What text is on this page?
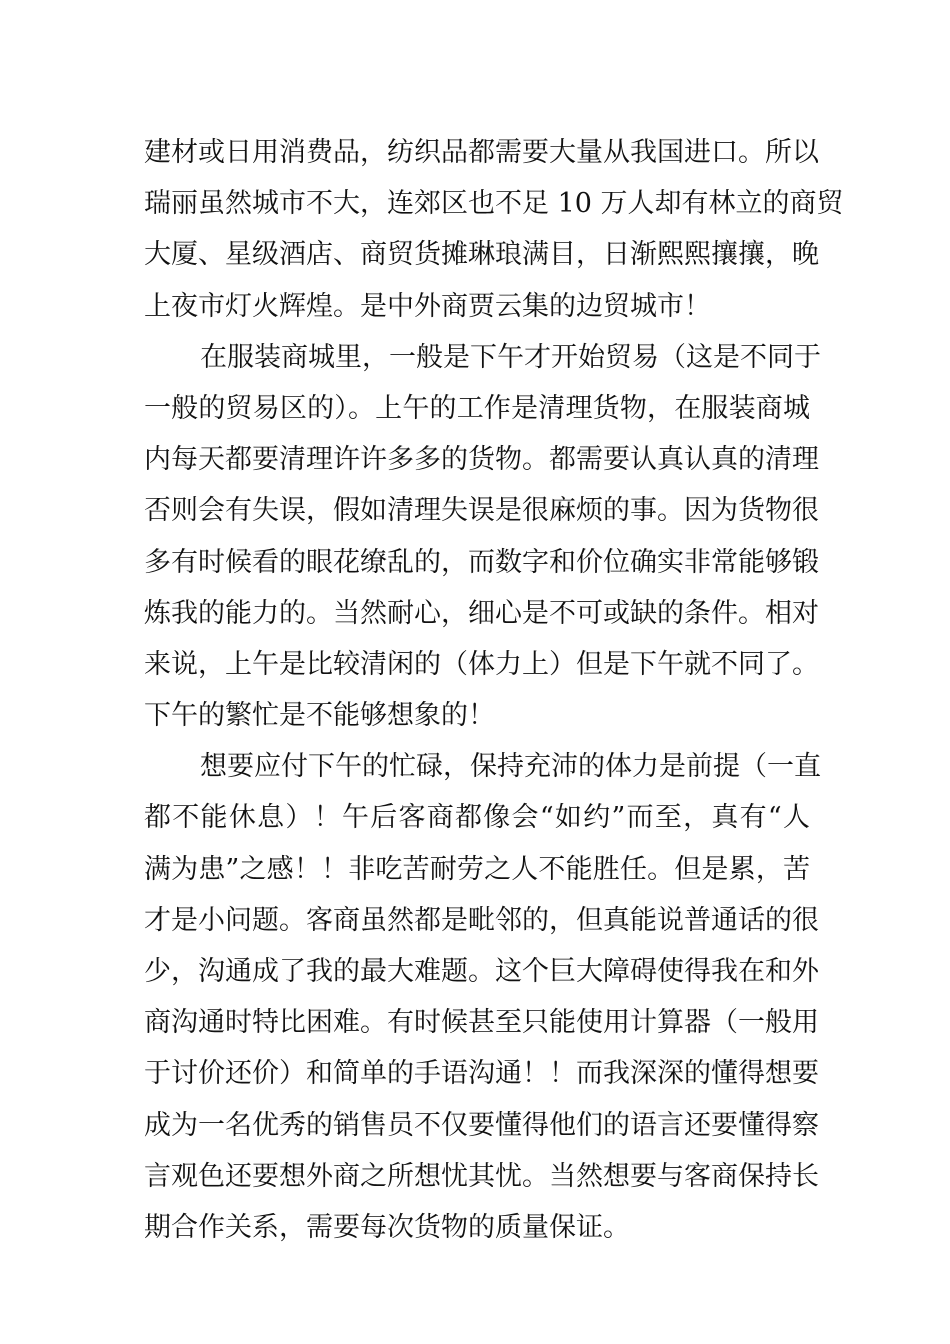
建材或日用消费品，纺织品都需要大量从我国进口。所以
瑞丽虽然城市不大，连郊区也不足 10 万人却有林立的商贸
大厦、星级酒店、商贸货摊琳琅满目，日渐熙熙攘攘，晚
上夜市灯火辉煌。是中外商贾云集的边贸城市！
在服装商城里，一般是下午才开始贸易（这是不同于
一般的贸易区的）。上午的工作是清理货物，在服装商城
内每天都要清理许许多多的货物。都需要认真认真的清理
否则会有失误，假如清理失误是很麻烦的事。因为货物很
多有时候看的眼花缭乱的，而数字和价位确实非常能够锻
炼我的能力的。当然耐心，细心是不可或缺的条件。相对
来说，上午是比较清闲的（体力上）但是下午就不同了。
下午的繁忙是不能够想象的！
想要应付下午的忙碌，保持充沛的体力是前提（一直
都不能休息）！午后客商都像会“如约”而至，真有“人
满为患”之感！！非吃苦耐劳之人不能胜任。但是累，苦
才是小问题。客商虽然都是毗邻的，但真能说普通话的很
少，沟通成了我的最大难题。这个巨大障碍使得我在和外
商沟通时特比困难。有时候甚至只能使用计算器（一般用
于讨价还价）和简单的手语沟通！！而我深深的懂得想要
成为一名优秀的销售员不仅要懂得他们的语言还要懂得察
言观色还要想外商之所想忧其忧。当然想要与客商保持长
期合作关系，需要每次货物的质量保证。
